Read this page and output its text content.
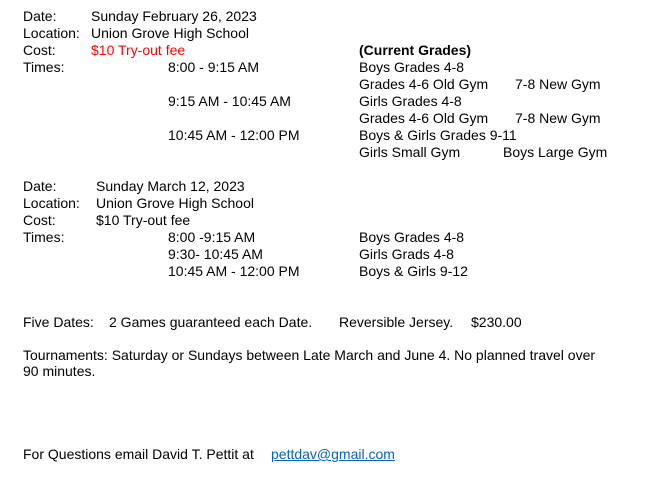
Date: Sunday February 26, 2023
Location: Union Grove High School
Cost:	$10 Try-out fee	(Current Grades)
Times:	8:00 - 9:15 AM	Boys Grades 4-8
Grades 4-6 Old Gym 7-8 New Gym
9:15 AM - 10:45 AM	Girls Grades 4-8
Grades 4-6 Old Gym 7-8 New Gym
10:45 AM - 12:00 PM	Boys & Girls Grades 9-11
Girls Small Gym	Boys Large Gym
Date:	Sunday March 12, 2023
Location: Union Grove High School
Cost:	$10 Try-out fee
Times:	8:00 -9:15 AM	Boys Grades 4-8
9:30- 10:45 AM	Girls Grads 4-8
10:45 AM - 12:00 PM	Boys & Girls 9-12
Five Dates: 2 Games guaranteed each Date. Reversible Jersey. $230.00
Tournaments: Saturday or Sundays between Late March and June 4. No planned travel over
90 minutes.
For Questions email David T. Pettit at pettdav@gmail.com
